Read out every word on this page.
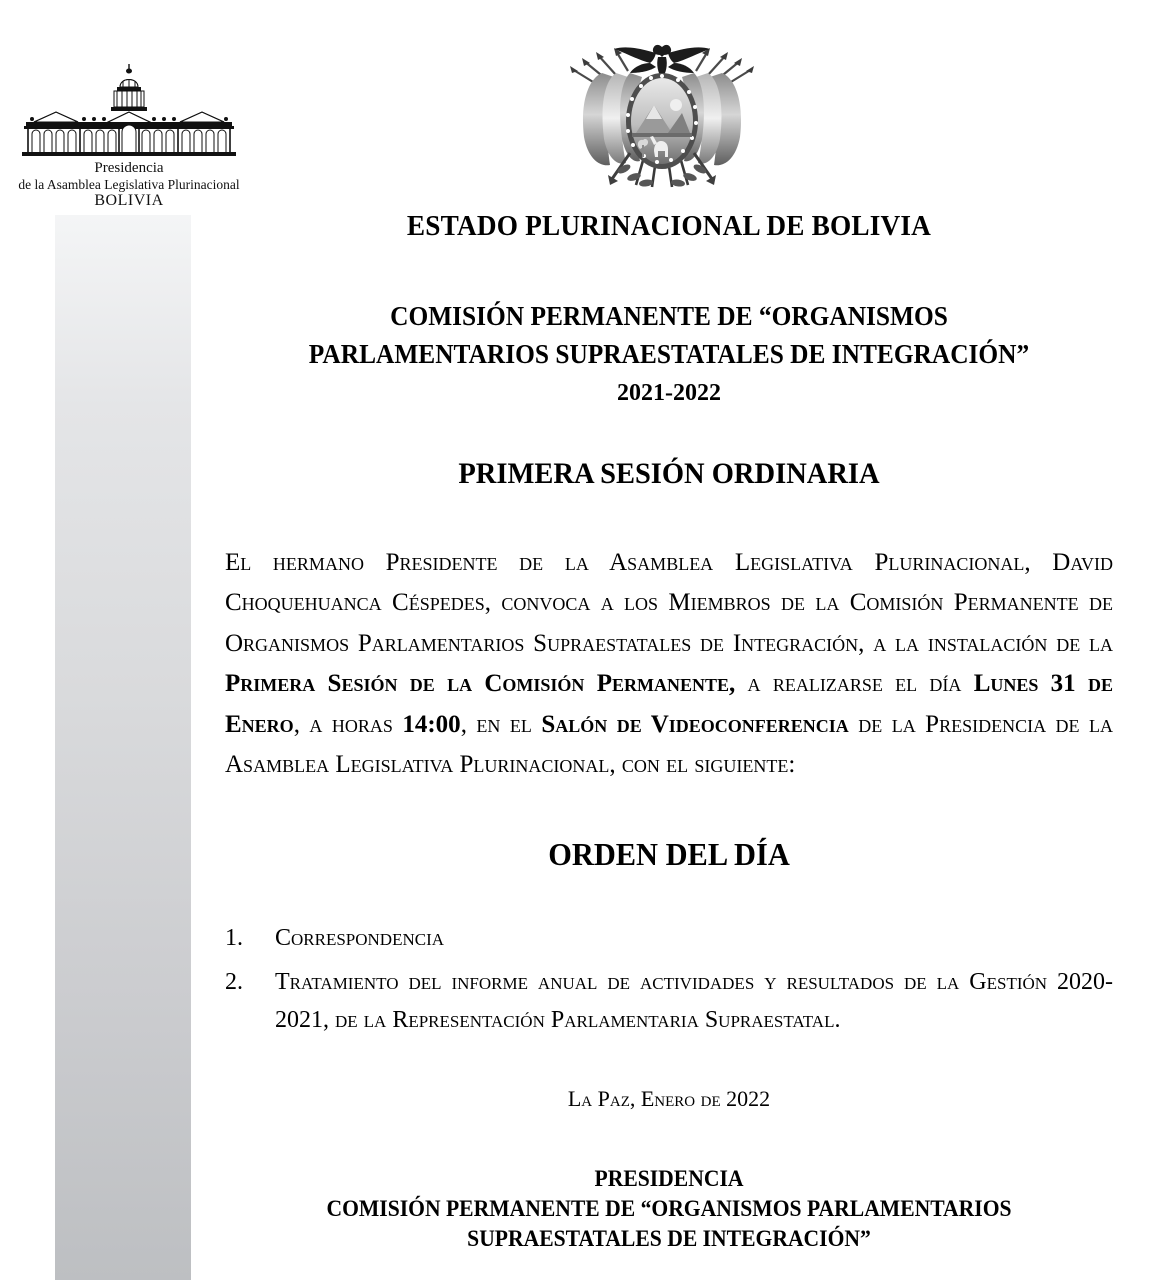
Presidencia
de la Asamblea Legislativa Plurinacional
BOLIVIA
ESTADO PLURINACIONAL DE BOLIVIA
COMISIÓN PERMANENTE DE “ORGANISMOS
PARLAMENTARIOS SUPRAESTATALES DE INTEGRACIÓN”
2021-2022
PRIMERA SESIÓN ORDINARIA

El hermano Presidente de la Asamblea Legislativa Plurinacional, David Choquehuanca Céspedes, convoca a los Miembros de la Comisión Permanente de Organismos Parlamentarios Supraestatales de Integración, a la instalación de la Primera Sesión de la Comisión Permanente, a realizarse el día Lunes 31 de Enero, a horas 14:00, en el Salón de Videoconferencia de la Presidencia de la Asamblea Legislativa Plurinacional, con el siguiente:

ORDEN DEL DÍA
1.	Correspondencia
2.	Tratamiento del informe anual de actividades y resultados de la Gestión 2020-2021, de la Representación Parlamentaria Supraestatal.
La Paz, Enero de 2022
PRESIDENCIA
COMISIÓN PERMANENTE DE “ORGANISMOS PARLAMENTARIOS
SUPRAESTATALES DE INTEGRACIÓN”
